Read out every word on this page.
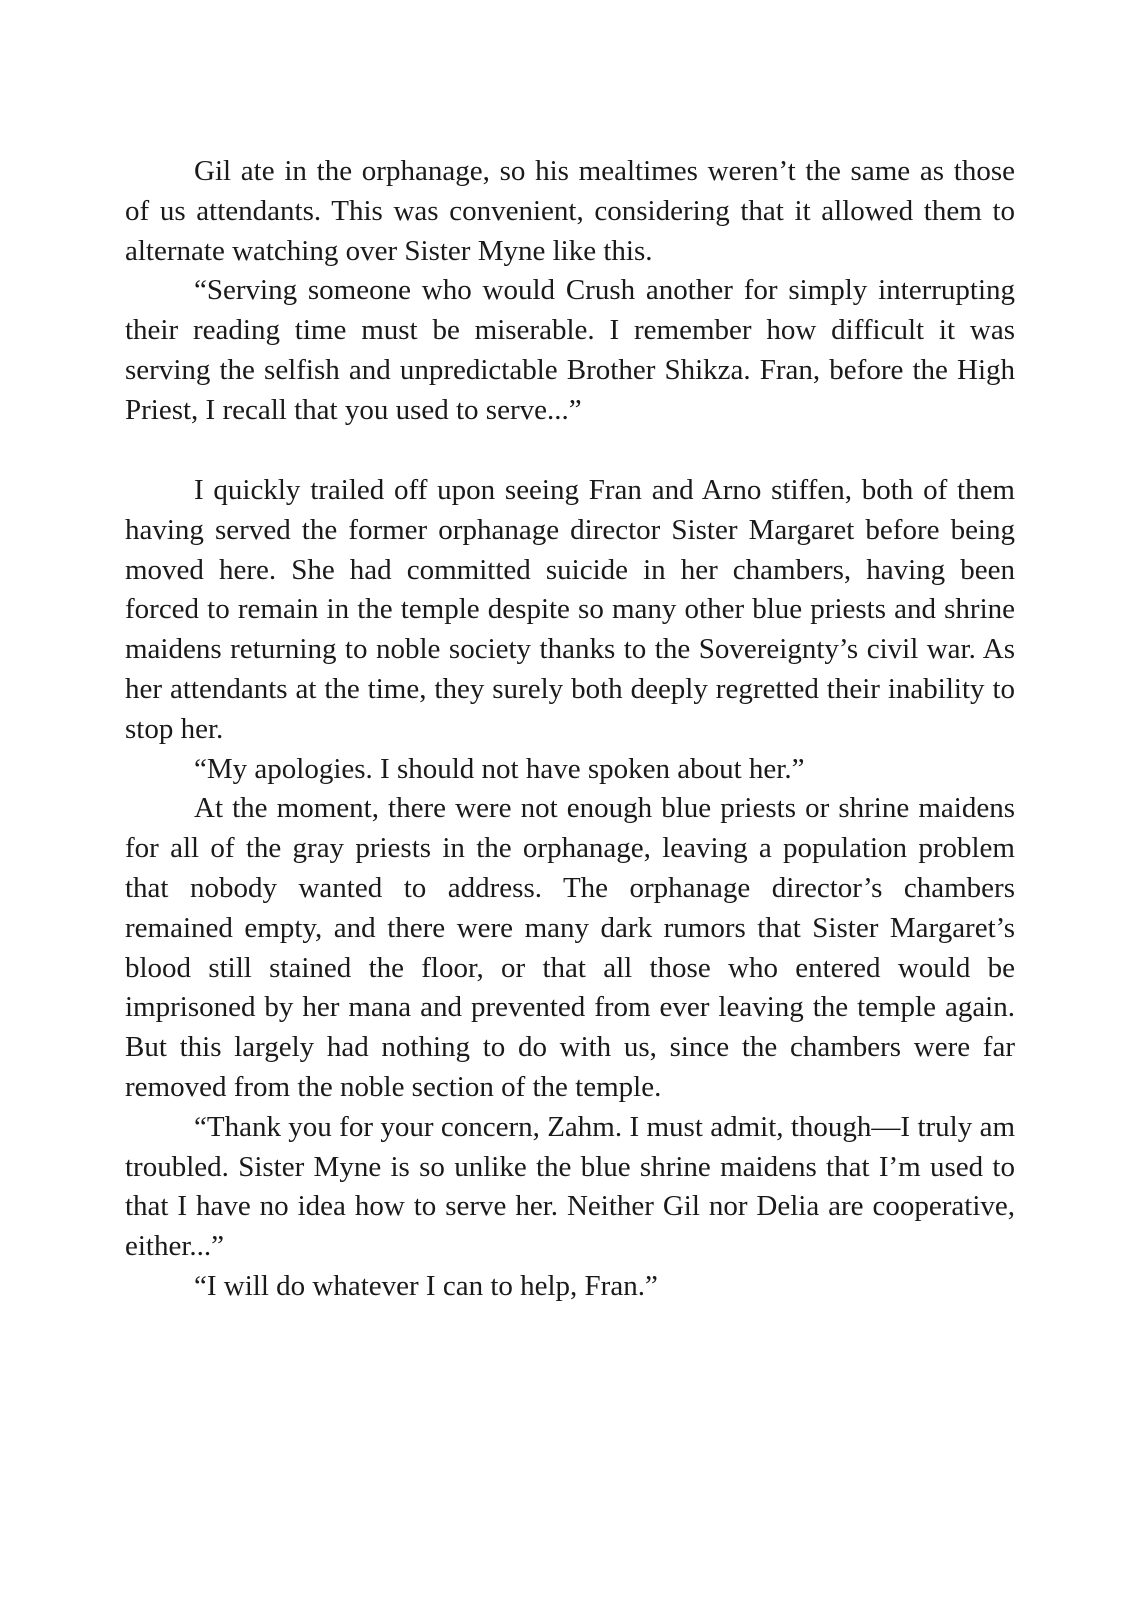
Gil ate in the orphanage, so his mealtimes weren’t the same as those of us attendants. This was convenient, considering that it allowed them to alternate watching over Sister Myne like this.

“Serving someone who would Crush another for simply interrupting their reading time must be miserable. I remember how difficult it was serving the selfish and unpredictable Brother Shikza. Fran, before the High Priest, I recall that you used to serve...”

I quickly trailed off upon seeing Fran and Arno stiffen, both of them having served the former orphanage director Sister Margaret before being moved here. She had committed suicide in her chambers, having been forced to remain in the temple despite so many other blue priests and shrine maidens returning to noble society thanks to the Sovereignty’s civil war. As her attendants at the time, they surely both deeply regretted their inability to stop her.

“My apologies. I should not have spoken about her.”

At the moment, there were not enough blue priests or shrine maidens for all of the gray priests in the orphanage, leaving a population problem that nobody wanted to address. The orphanage director’s chambers remained empty, and there were many dark rumors that Sister Margaret’s blood still stained the floor, or that all those who entered would be imprisoned by her mana and prevented from ever leaving the temple again. But this largely had nothing to do with us, since the chambers were far removed from the noble section of the temple.

“Thank you for your concern, Zahm. I must admit, though—I truly am troubled. Sister Myne is so unlike the blue shrine maidens that I’m used to that I have no idea how to serve her. Neither Gil nor Delia are cooperative, either...”

“I will do whatever I can to help, Fran.”
